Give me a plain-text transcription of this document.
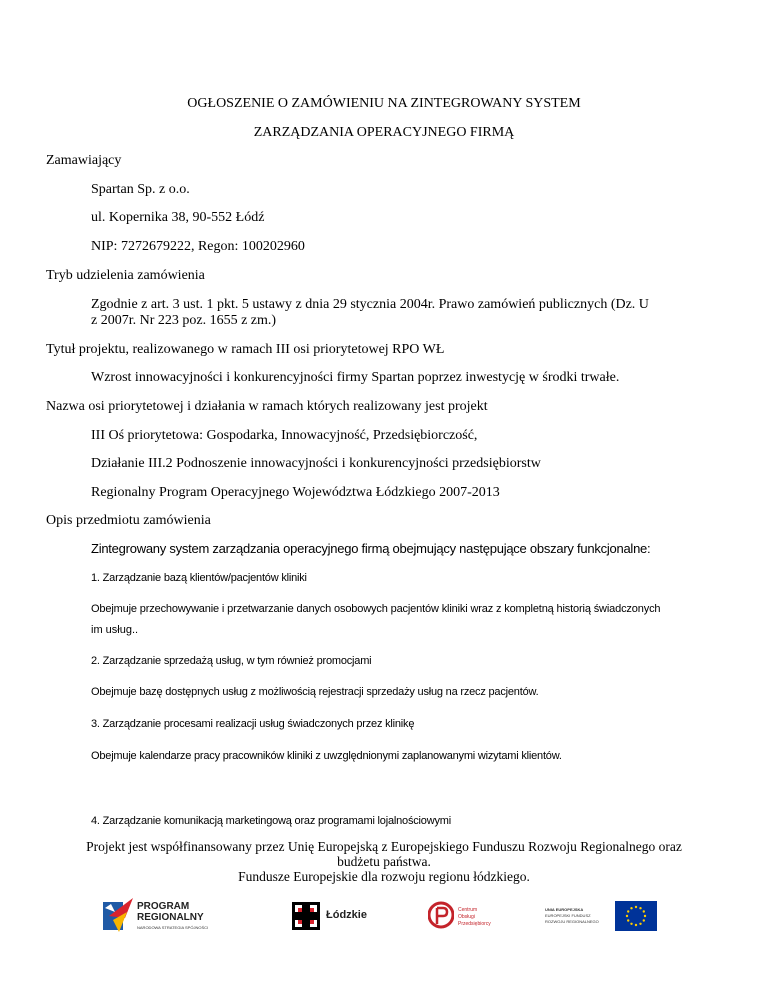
OGŁOSZENIE O ZAMÓWIENIU NA ZINTEGROWANY SYSTEM
ZARZĄDZANIA OPERACYJNEGO FIRMĄ
Zamawiający
Spartan Sp. z o.o.
ul. Kopernika 38, 90-552 Łódź
NIP: 7272679222, Regon: 100202960
Tryb udzielenia zamówienia
Zgodnie z art. 3 ust. 1 pkt. 5 ustawy z dnia 29 stycznia 2004r. Prawo zamówień publicznych (Dz. U
z 2007r. Nr 223 poz. 1655 z zm.)
Tytuł projektu, realizowanego w ramach III osi priorytetowej RPO WŁ
Wzrost innowacyjności i konkurencyjności firmy Spartan poprzez inwestycję w środki trwałe.
Nazwa osi priorytetowej i działania w ramach których realizowany jest projekt
III Oś priorytetowa: Gospodarka, Innowacyjność, Przedsiębiorczość,
Działanie III.2 Podnoszenie innowacyjności i konkurencyjności przedsiębiorstw
Regionalny Program Operacyjnego Województwa Łódzkiego 2007-2013
Opis przedmiotu zamówienia
Zintegrowany system zarządzania operacyjnego firmą obejmujący następujące obszary funkcjonalne:
1. Zarządzanie bazą klientów/pacjentów kliniki
Obejmuje przechowywanie i przetwarzanie danych osobowych pacjentów kliniki wraz z kompletną historią świadczonych
im usług..
2. Zarządzanie sprzedażą usług, w tym również promocjami
Obejmuje bazę dostępnych usług z możliwością rejestracji sprzedaży usług na rzecz pacjentów.
3. Zarządzanie procesami realizacji usług świadczonych przez klinikę
Obejmuje kalendarze pracy pracowników kliniki z uwzględnionymi zaplanowanymi wizytami klientów.
4. Zarządzanie komunikacją marketingową oraz programami lojalnościowymi
Projekt jest współfinansowany przez Unię Europejską z Europejskiego Funduszu Rozwoju Regionalnego oraz
budżetu państwa.
Fundusze Europejskie dla rozwoju regionu łódzkiego.
PROGRAM
REGIONALNY
NARODOWA STRATEGIA SPÓJNOŚCI
Łódzkie	Centrum
Obsługi
Przedsiębiorcy
UNIA EUROPEJSKA
EUROPEJSKI FUNDUSZ
ROZWOJU REGIONALNEGO
